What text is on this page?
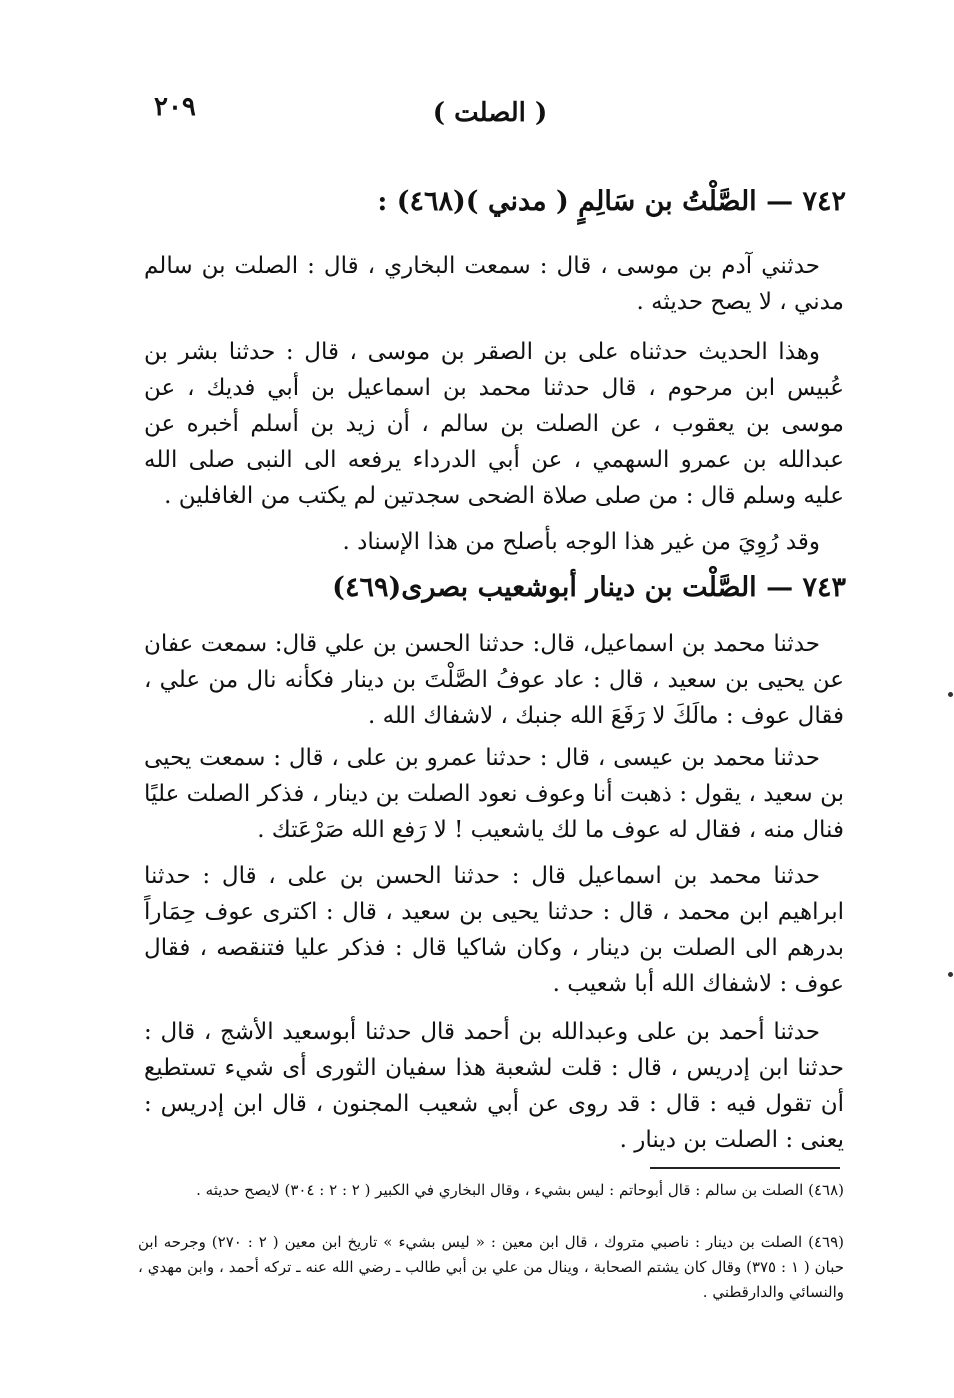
٢٠٩	( الصلت )
٧٤٢ — الصَّلْتُ بن سَالِمٍ ( مدني )(٤٦٨) :
حدثني آدم بن موسى ، قال : سمعت البخاري ، قال : الصلت بن سالم مدني ، لا يصح حديثه .
وهذا الحديث حدثناه على بن الصقر بن موسى ، قال : حدثنا بشر بن عُبيس ابن مرحوم ، قال حدثنا محمد بن اسماعيل بن أبي فديك ، عن موسى بن يعقوب ، عن الصلت بن سالم ، أن زيد بن أسلم أخبره عن عبدالله بن عمرو السهمي ، عن أبي الدرداء يرفعه الى النبى صلى الله عليه وسلم قال : من صلى صلاة الضحى سجدتين لم يكتب من الغافلين .
وقد رُوِيَ من غير هذا الوجه بأصلح من هذا الإسناد .
٧٤٣ — الصَّلْت بن دينار أبوشعيب بصرى(٤٦٩)
حدثنا محمد بن اسماعيل، قال: حدثنا الحسن بن علي قال: سمعت عفان عن يحيى بن سعيد ، قال : عاد عوفُ الصَّلْتَ بن دينار فكأنه نال من علي ، فقال عوف : مالَكَ لا رَفَعَ الله جنبك ، لاشفاك الله .
حدثنا محمد بن عيسى ، قال : حدثنا عمرو بن على ، قال : سمعت يحيى بن سعيد ، يقول : ذهبت أنا وعوف نعود الصلت بن دينار ، فذكر الصلت عليًا فنال منه ، فقال له عوف ما لك ياشعيب ! لا رَفع الله صَرْعَتك .
حدثنا محمد بن اسماعيل قال : حدثنا الحسن بن على ، قال : حدثنا ابراهيم ابن محمد ، قال : حدثنا يحيى بن سعيد ، قال : اكترى عوف حِمَاراً بدرهم الى الصلت بن دينار ، وكان شاكيا قال : فذكر عليا فتنقصه ، فقال عوف : لاشفاك الله أبا شعيب .
حدثنا أحمد بن على وعبدالله بن أحمد قال حدثنا أبوسعيد الأشج ، قال : حدثنا ابن إدريس ، قال : قلت لشعبة هذا سفيان الثورى أى شيء تستطيع أن تقول فيه : قال : قد روى عن أبي شعيب المجنون ، قال ابن إدريس : يعنى : الصلت بن دينار .
(٤٦٨) الصلت بن سالم : قال أبوحاتم : ليس بشيء ، وقال البخاري في الكبير ( ٢ : ٢ : ٣٠٤) لايصح حديثه .
(٤٦٩) الصلت بن دينار : ناصبي متروك ، قال ابن معين : « ليس بشيء » تاريخ ابن معين ( ٢ : ٢٧٠) وجرحه ابن حبان ( ١ : ٣٧٥) وقال كان يشتم الصحابة ، وينال من علي بن أبي طالب ـ رضي الله عنه ـ تركه أحمد ، وابن مهدي ، والنسائي والدارقطني .
